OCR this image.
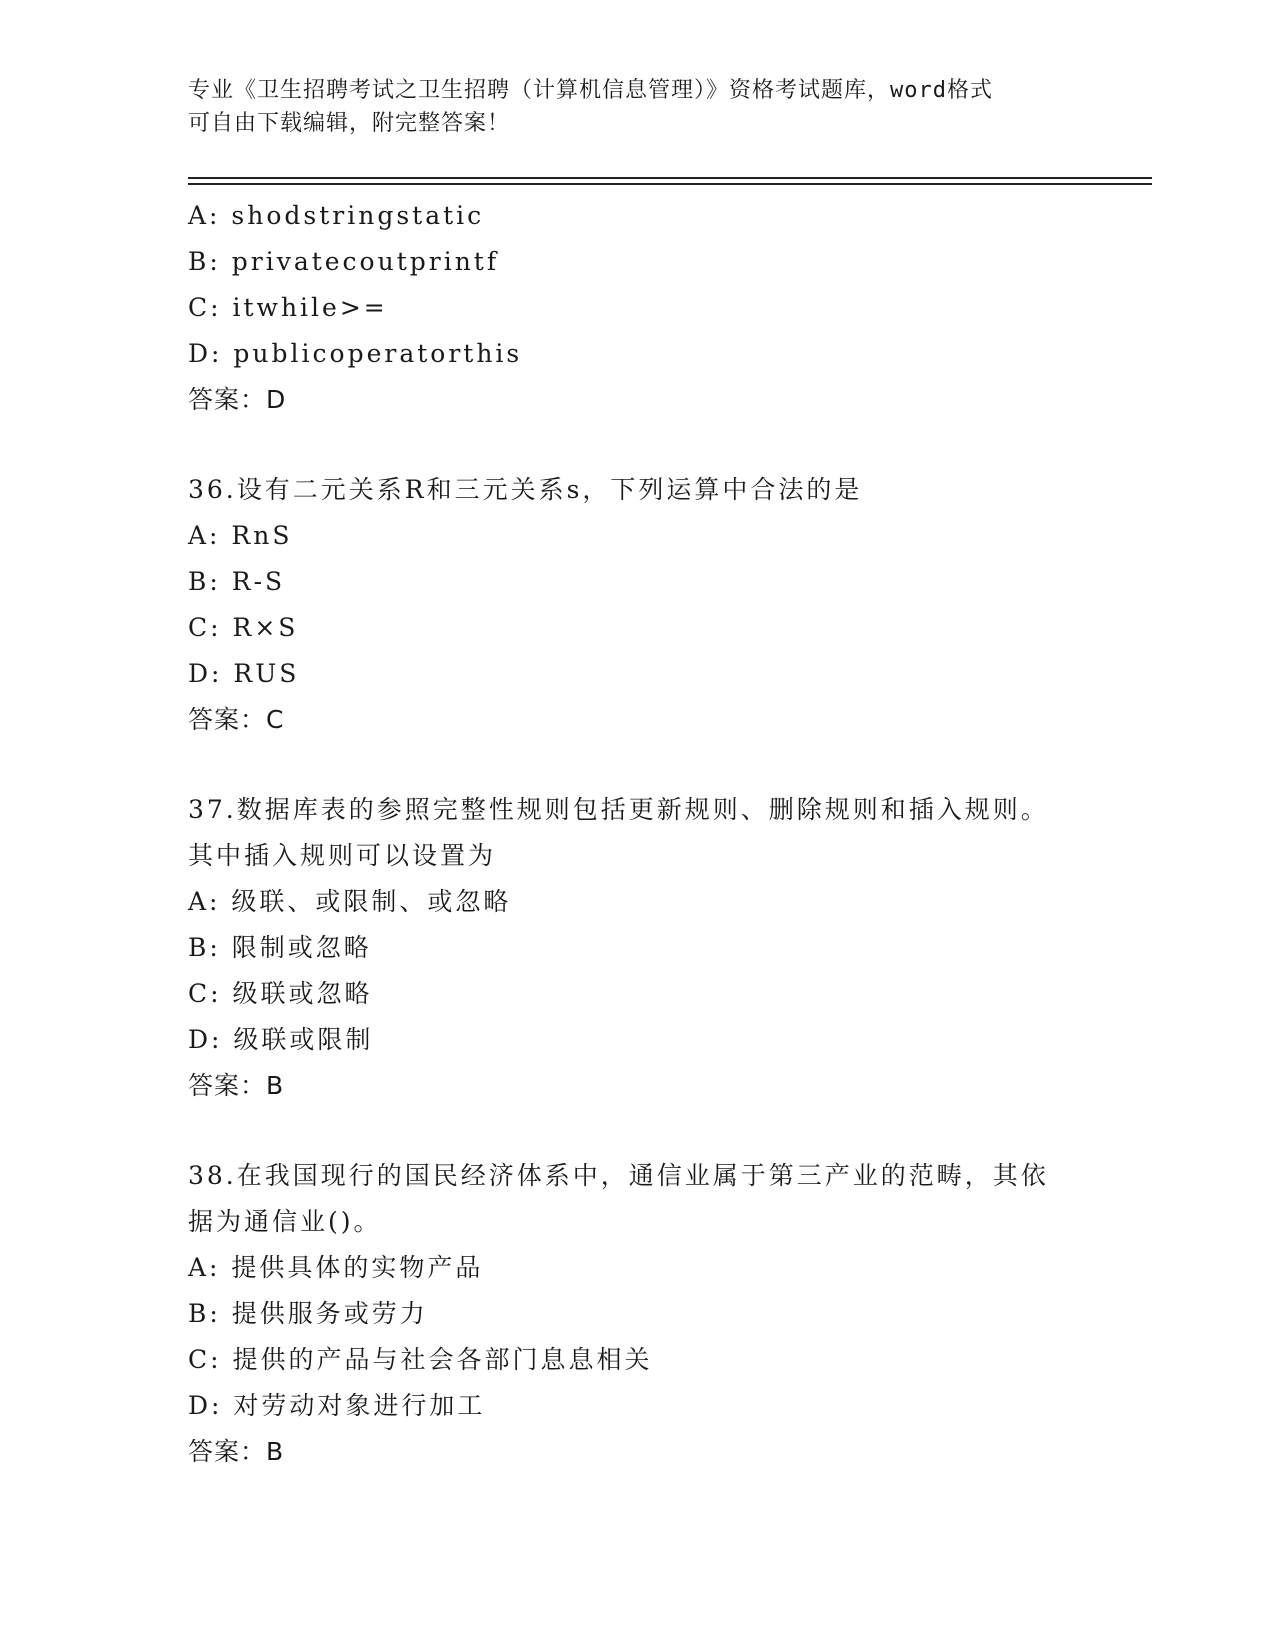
专业《卫生招聘考试之卫生招聘（计算机信息管理）》资格考试题库，word格式
可自由下载编辑，附完整答案！
A: shodstringstatic
B: privatecoutprintf
C: itwhile>=
D: publicoperatorthis
答案：D
36.设有二元关系R和三元关系s，下列运算中合法的是
A: RnS
B: R-S
C: R×S
D: RUS
答案：C
37.数据库表的参照完整性规则包括更新规则、删除规则和插入规则。
其中插入规则可以设置为
A: 级联、或限制、或忽略
B: 限制或忽略
C: 级联或忽略
D: 级联或限制
答案：B
38.在我国现行的国民经济体系中，通信业属于第三产业的范畴，其依
据为通信业()。
A: 提供具体的实物产品
B: 提供服务或劳力
C: 提供的产品与社会各部门息息相关
D: 对劳动对象进行加工
答案：B
